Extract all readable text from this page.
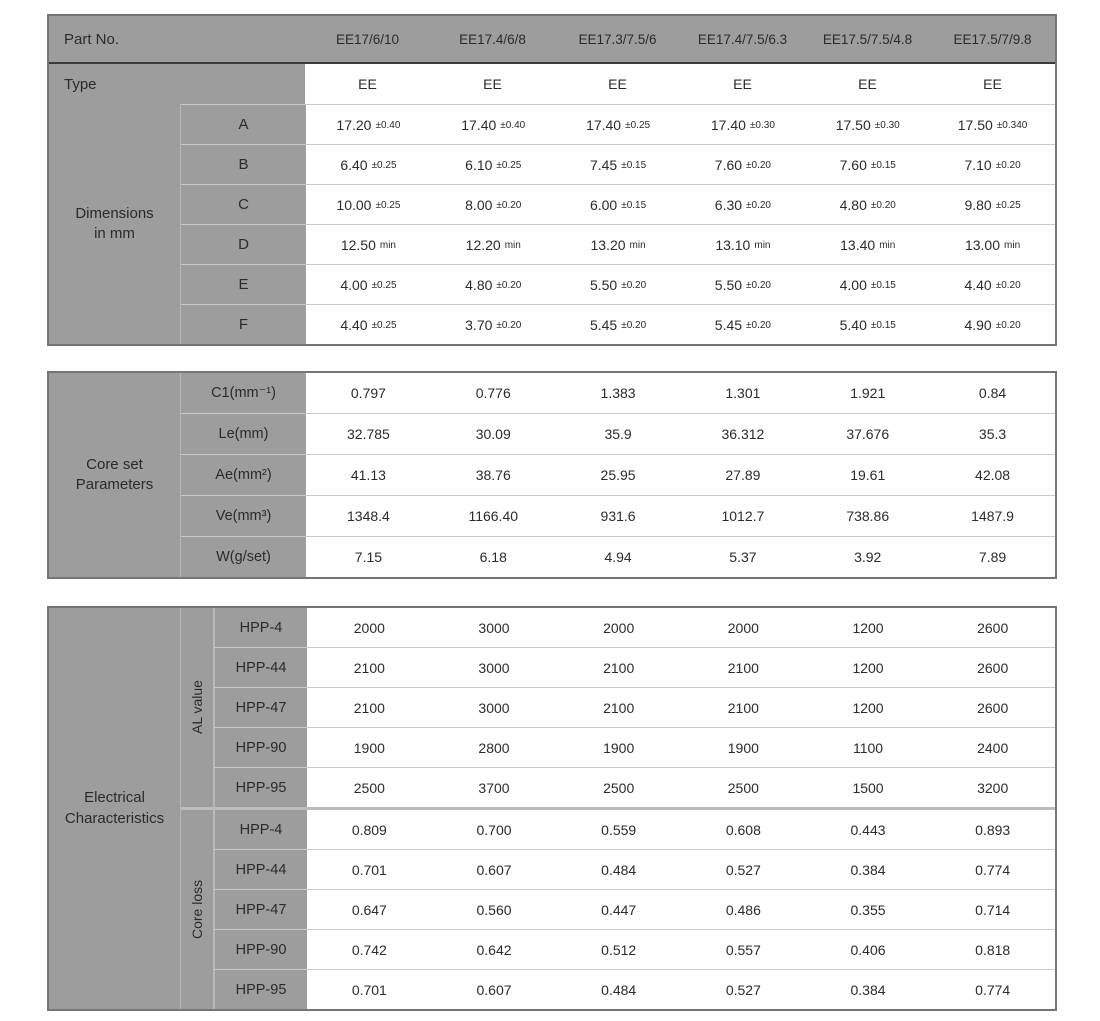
Part No.	EE17/6/10	EE17.4/6/8	EE17.3/7.5/6	EE17.4/7.5/6.3	EE17.5/7.5/4.8	EE17.5/7/9.8
Type	EE	EE	EE	EE	EE	EE
Dimensions
in mm
A	17.20 ±0.40	17.40 ±0.40	17.40 ±0.25	17.40 ±0.30	17.50 ±0.30	17.50 ±0.340
B	6.40 ±0.25	6.10 ±0.25	7.45 ±0.15	7.60 ±0.20	7.60 ±0.15	7.10 ±0.20
C	10.00 ±0.25	8.00 ±0.20	6.00 ±0.15	6.30 ±0.20	4.80 ±0.20	9.80 ±0.25
D	12.50 min	12.20 min	13.20 min	13.10 min	13.40 min	13.00 min
E	4.00 ±0.25	4.80 ±0.20	5.50 ±0.20	5.50 ±0.20	4.00 ±0.15	4.40 ±0.20
F	4.40 ±0.25	3.70 ±0.20	5.45 ±0.20	5.45 ±0.20	5.40 ±0.15	4.90 ±0.20
Core set
Parameters
C1(mm⁻¹)	0.797	0.776	1.383	1.301	1.921	0.84
Le(mm)	32.785	30.09	35.9	36.312	37.676	35.3
Ae(mm²)	41.13	38.76	25.95	27.89	19.61	42.08
Ve(mm³)	1348.4	1166.40	931.6	1012.7	738.86	1487.9
W(g/set)	7.15	6.18	4.94	5.37	3.92	7.89
Electrical
Characteristics
AL value
HPP-4	2000	3000	2000	2000	1200	2600
HPP-44	2100	3000	2100	2100	1200	2600
HPP-47	2100	3000	2100	2100	1200	2600
HPP-90	1900	2800	1900	1900	1100	2400
HPP-95	2500	3700	2500	2500	1500	3200
Core loss
HPP-4	0.809	0.700	0.559	0.608	0.443	0.893
HPP-44	0.701	0.607	0.484	0.527	0.384	0.774
HPP-47	0.647	0.560	0.447	0.486	0.355	0.714
HPP-90	0.742	0.642	0.512	0.557	0.406	0.818
HPP-95	0.701	0.607	0.484	0.527	0.384	0.774
